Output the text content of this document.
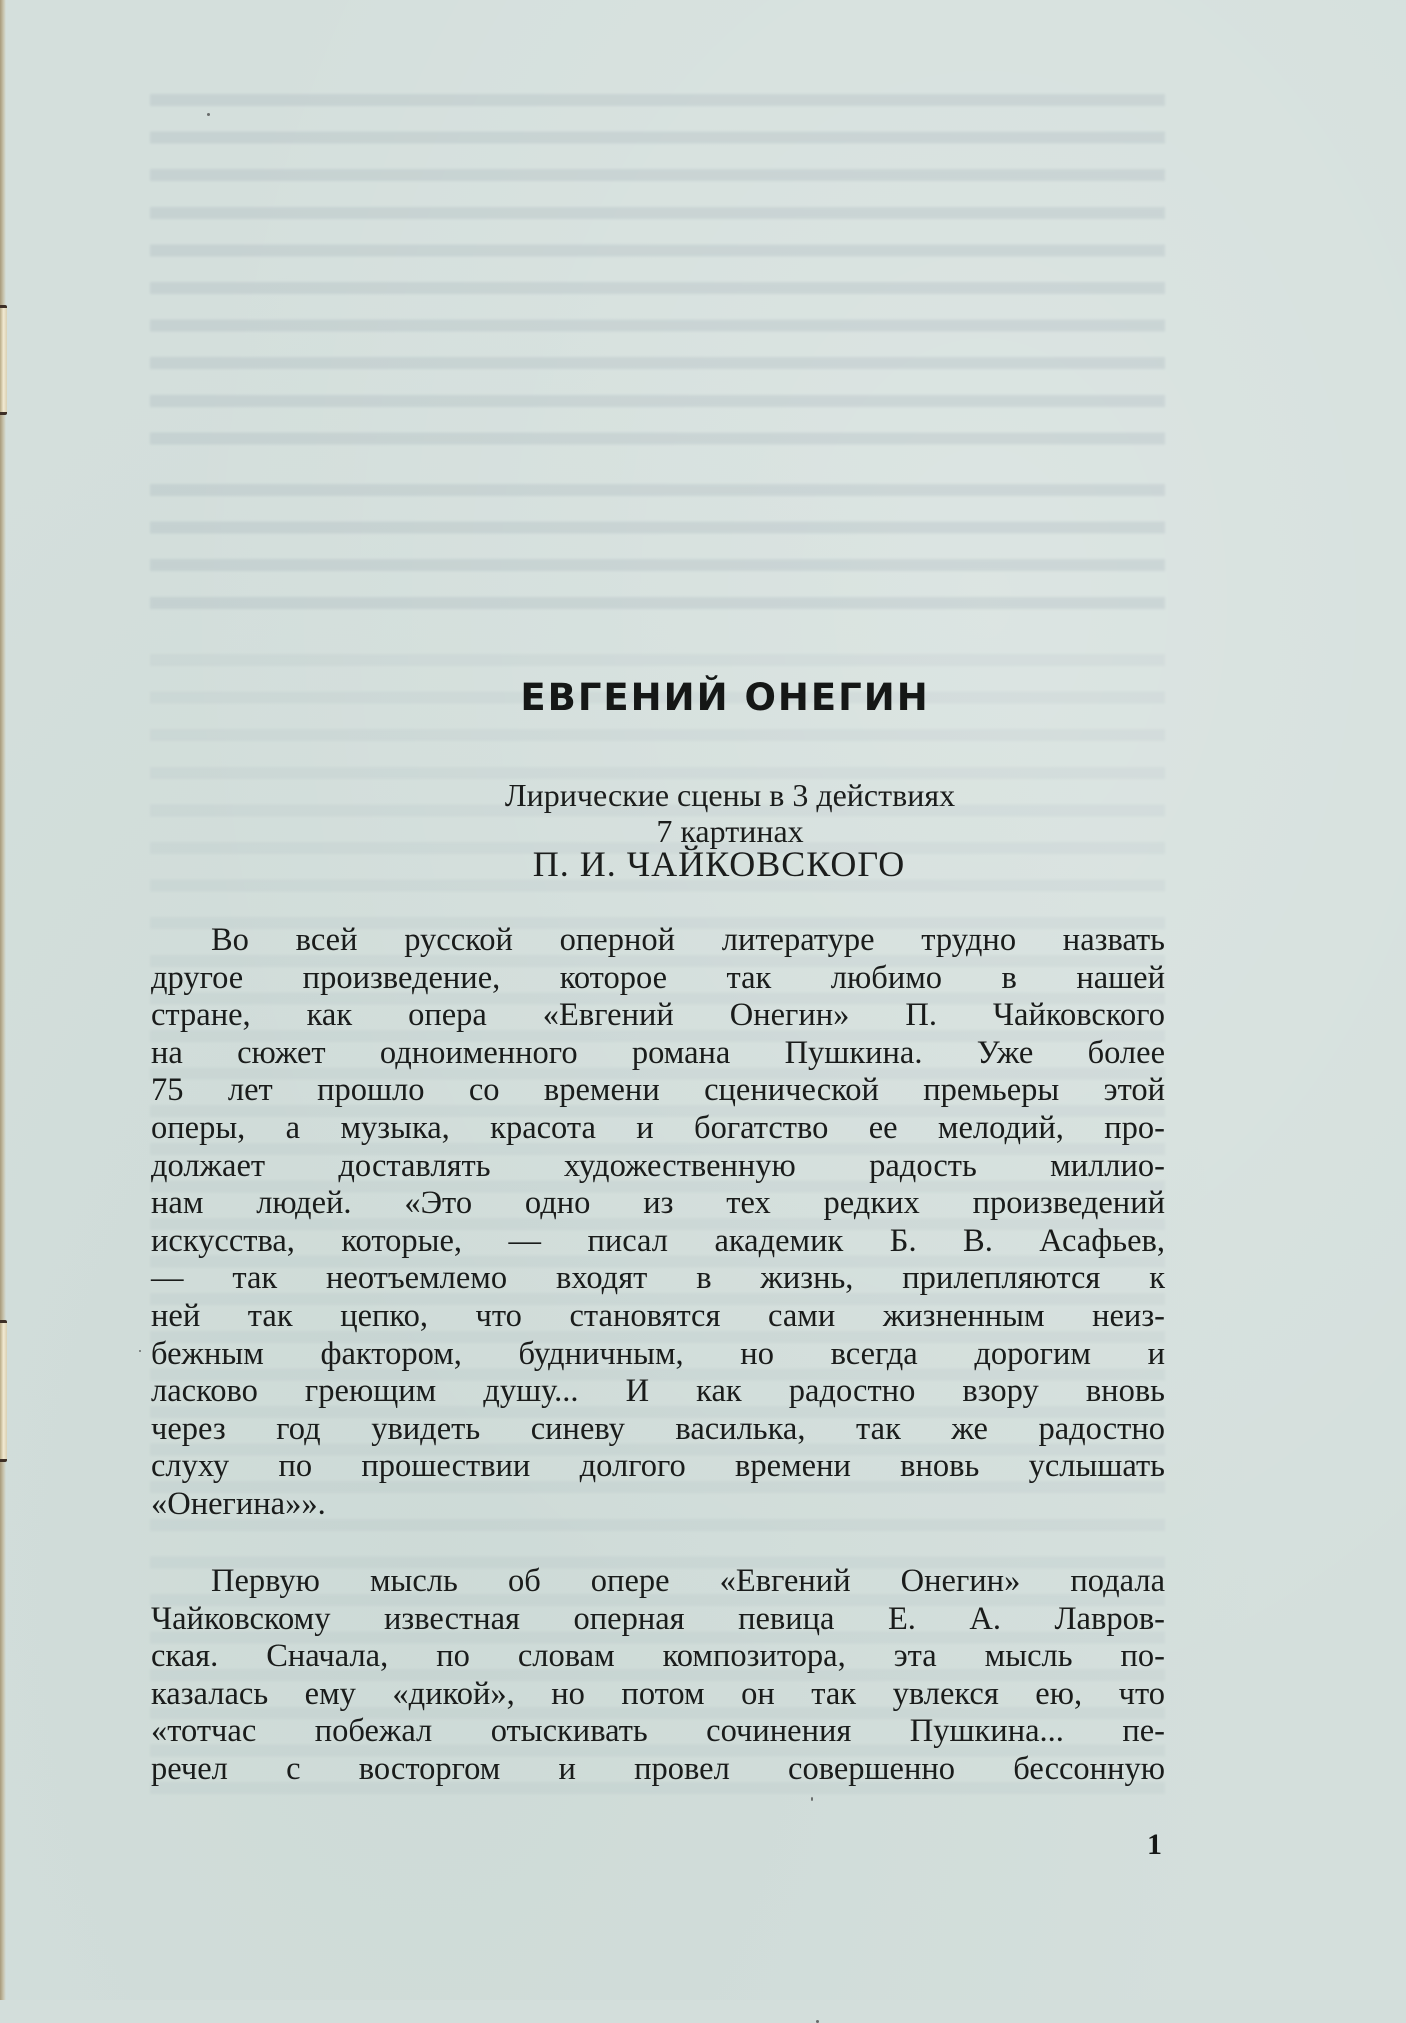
ЕВГЕНИЙ ОНЕГИН
Лирические сцены в 3 действиях
7 картинах
П. И. ЧАЙКОВСКОГО
Во всей русской оперной литературе трудно назвать
другое произведение, которое так любимо в нашей
стране, как опера «Евгений Онегин» П. Чайковского
на сюжет одноименного романа Пушкина. Уже более
75 лет прошло со времени сценической премьеры этой
оперы, а музыка, красота и богатство ее мелодий, про-
должает доставлять художественную радость миллио-
нам людей. «Это одно из тех редких произведений
искусства, которые, — писал академик Б. В. Асафьев,
— так неотъемлемо входят в жизнь, прилепляются к
ней так цепко, что становятся сами жизненным неиз-
бежным фактором, будничным, но всегда дорогим и
ласково греющим душу... И как радостно взору вновь
через год увидеть синеву василька, так же радостно
слуху по прошествии долгого времени вновь услышать
«Онегина»».
Первую мысль об опере «Евгений Онегин» подала
Чайковскому известная оперная певица Е. А. Лавров-
ская. Сначала, по словам композитора, эта мысль по-
казалась ему «дикой», но потом он так увлекся ею, что
«тотчас побежал отыскивать сочинения Пушкина... пе-
речел с восторгом и провел совершенно бессонную
1
